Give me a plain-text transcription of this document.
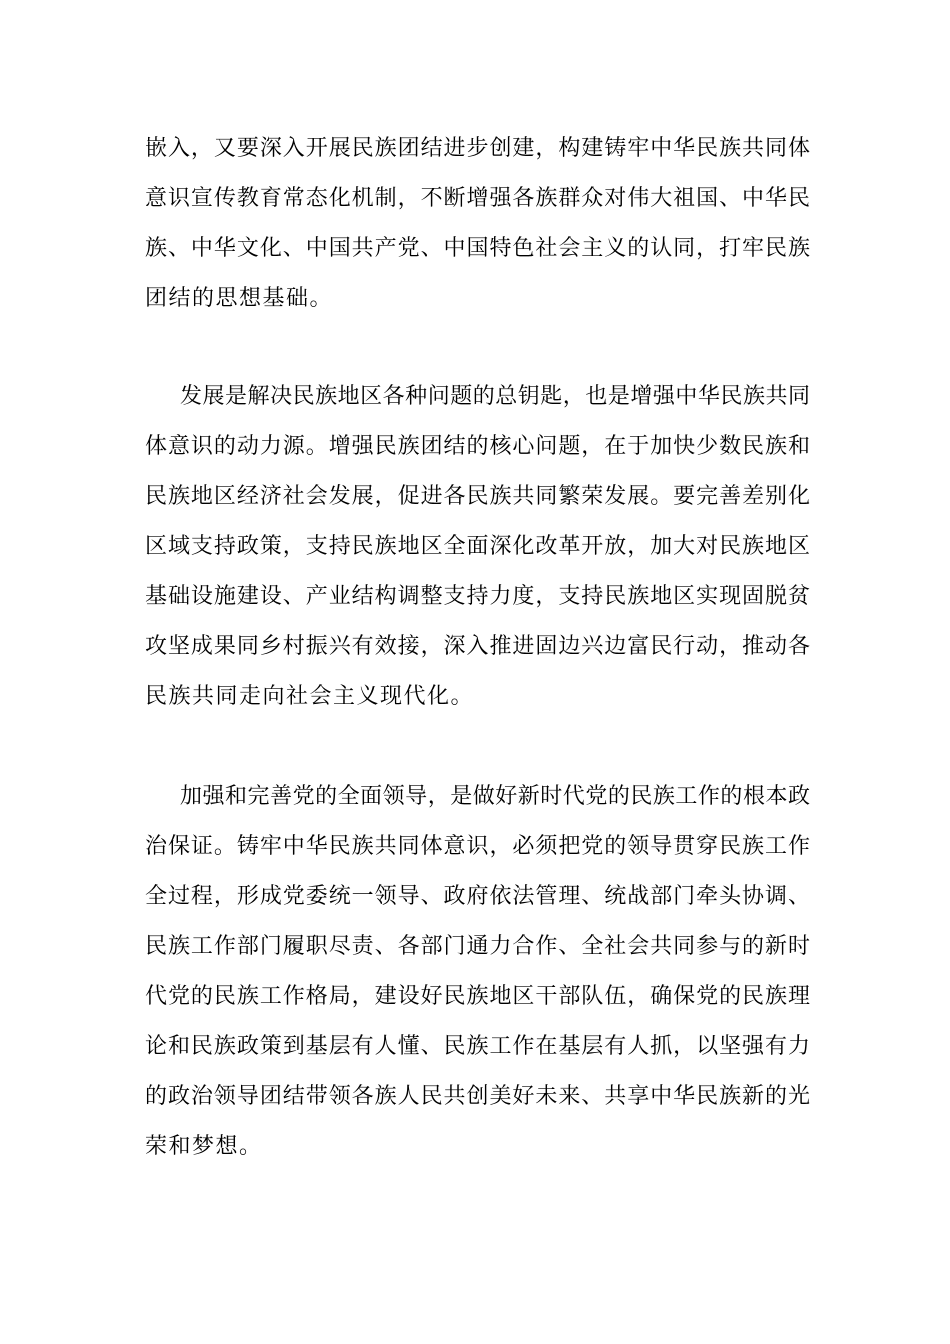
嵌入，又要深入开展民族团结进步创建，构建铸牢中华民族共同体
意识宣传教育常态化机制，不断增强各族群众对伟大祖国、中华民
族、中华文化、中国共产党、中国特色社会主义的认同，打牢民族
团结的思想基础。
发展是解决民族地区各种问题的总钥匙，也是增强中华民族共同
体意识的动力源。增强民族团结的核心问题，在于加快少数民族和
民族地区经济社会发展，促进各民族共同繁荣发展。要完善差别化
区域支持政策，支持民族地区全面深化改革开放，加大对民族地区
基础设施建设、产业结构调整支持力度，支持民族地区实现固脱贫
攻坚成果同乡村振兴有效接，深入推进固边兴边富民行动，推动各
民族共同走向社会主义现代化。
加强和完善党的全面领导，是做好新时代党的民族工作的根本政
治保证。铸牢中华民族共同体意识，必须把党的领导贯穿民族工作
全过程，形成党委统一领导、政府依法管理、统战部门牵头协调、
民族工作部门履职尽责、各部门通力合作、全社会共同参与的新时
代党的民族工作格局，建设好民族地区干部队伍，确保党的民族理
论和民族政策到基层有人懂、民族工作在基层有人抓，以坚强有力
的政治领导团结带领各族人民共创美好未来、共享中华民族新的光
荣和梦想。
